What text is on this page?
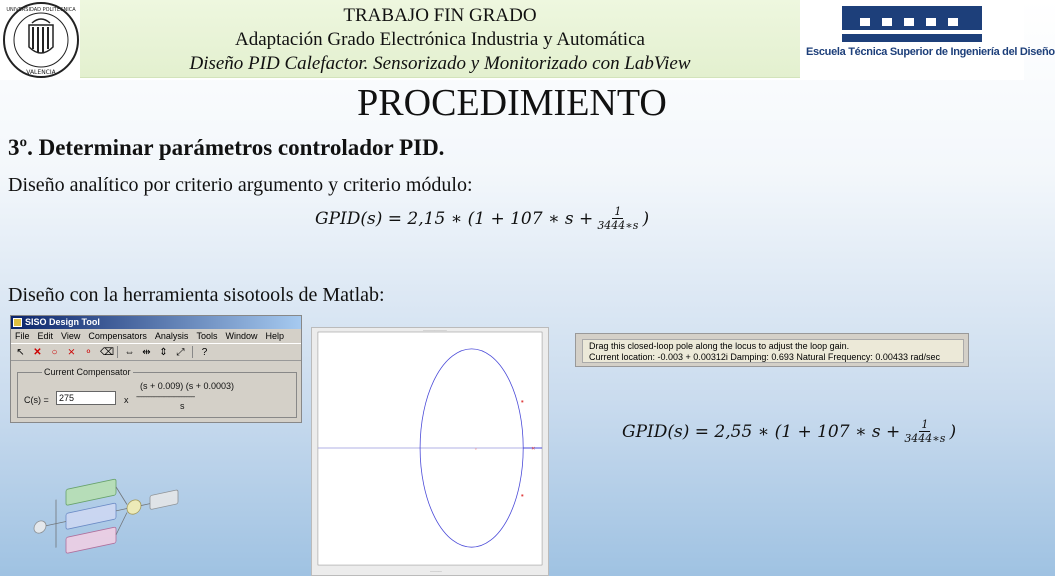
UNIVERSIDAD POLITECNICA
VALENCIA
TRABAJO FIN GRADO
Adaptación Grado Electrónica Industria y Automática
Diseño PID Calefactor. Sensorizado y Monitorizado con LabView
Escuela Técnica Superior de Ingeniería del Diseño
PROCEDIMIENTO
3º. Determinar parámetros controlador PID.
Diseño analítico por criterio argumento y criterio módulo:
GPID(s) = 2,15 ∗ (1 + 107 ∗ $s + \frac{1}{3444∗s}$ )
Diseño con la herramienta sisotools de Matlab:
SISO Design Tool
File Edit View Compensators Analysis Tools Window Help
↖ ✕ ○ ⨯ ⚬ ⌫ ⇔ ⇹ ⇕ ⤢ ?
Current Compensator
C(s) =	275	x
(s + 0.009) (s + 0.0003)
-----------------------------------
s
■
■
✕
○
————
————————
Drag this closed-loop pole along the locus to adjust the loop gain.
Current location: -0.003 + 0.00312i Damping: 0.693 Natural Frequency: 0.00433 rad/sec
GPID(s) = 2,55 ∗ (1 + 107 ∗ $s + \frac{1}{3444∗s}$ )
